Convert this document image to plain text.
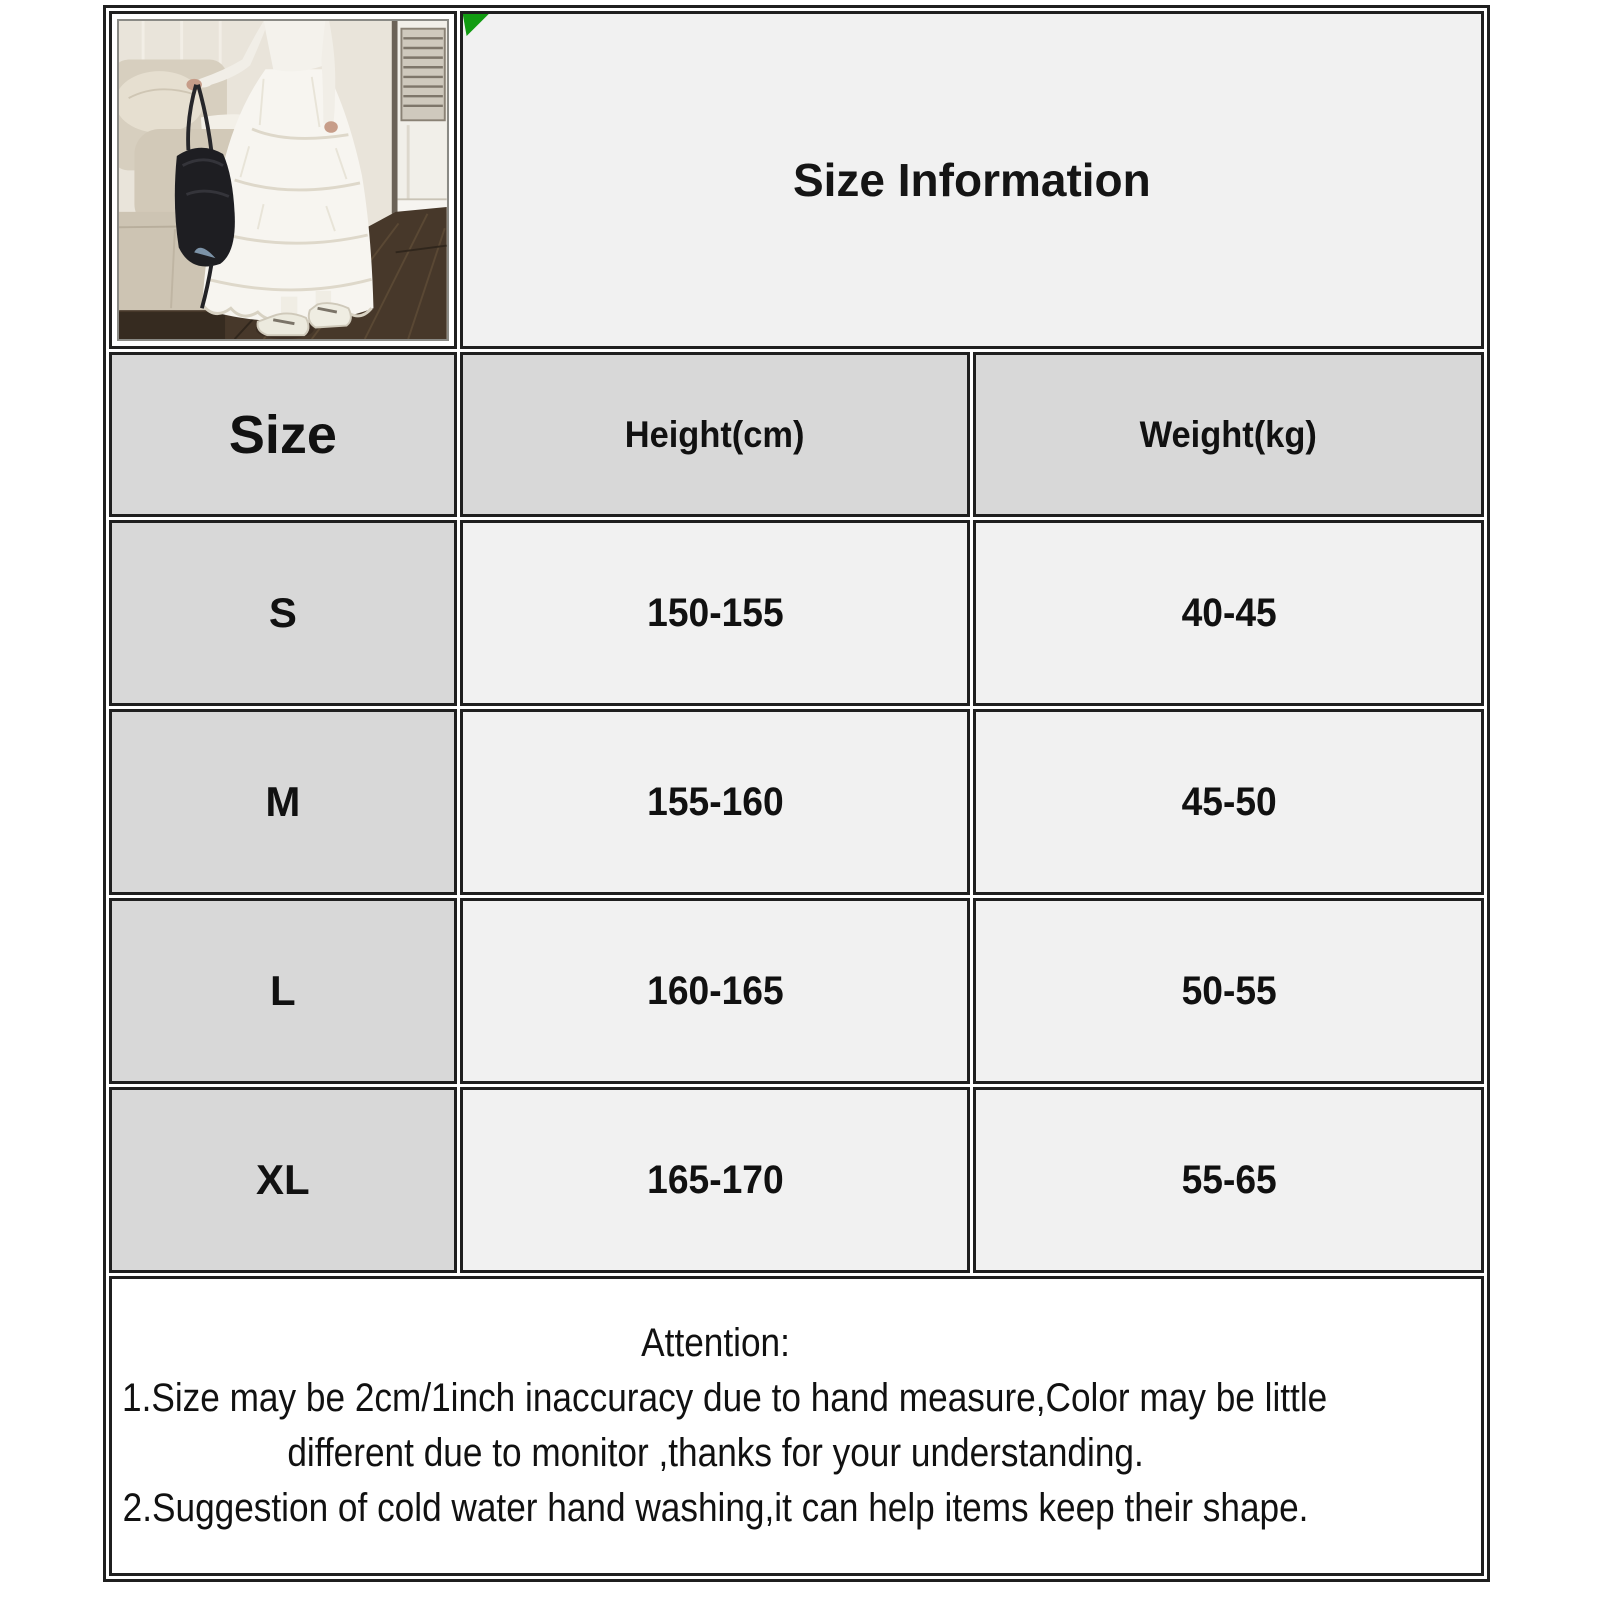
Size Information	
Size	Height(cm)	Weight(kg)
S	150-155	40-45
M	155-160	45-50
L	160-165	50-55
XL	165-170	55-65

Attention:
1.Size may be 2cm/1inch inaccuracy due to hand measure,Color may be little
different due to monitor ,thanks for your understanding.
2.Suggestion of cold water hand washing,it can help items keep their shape.		
